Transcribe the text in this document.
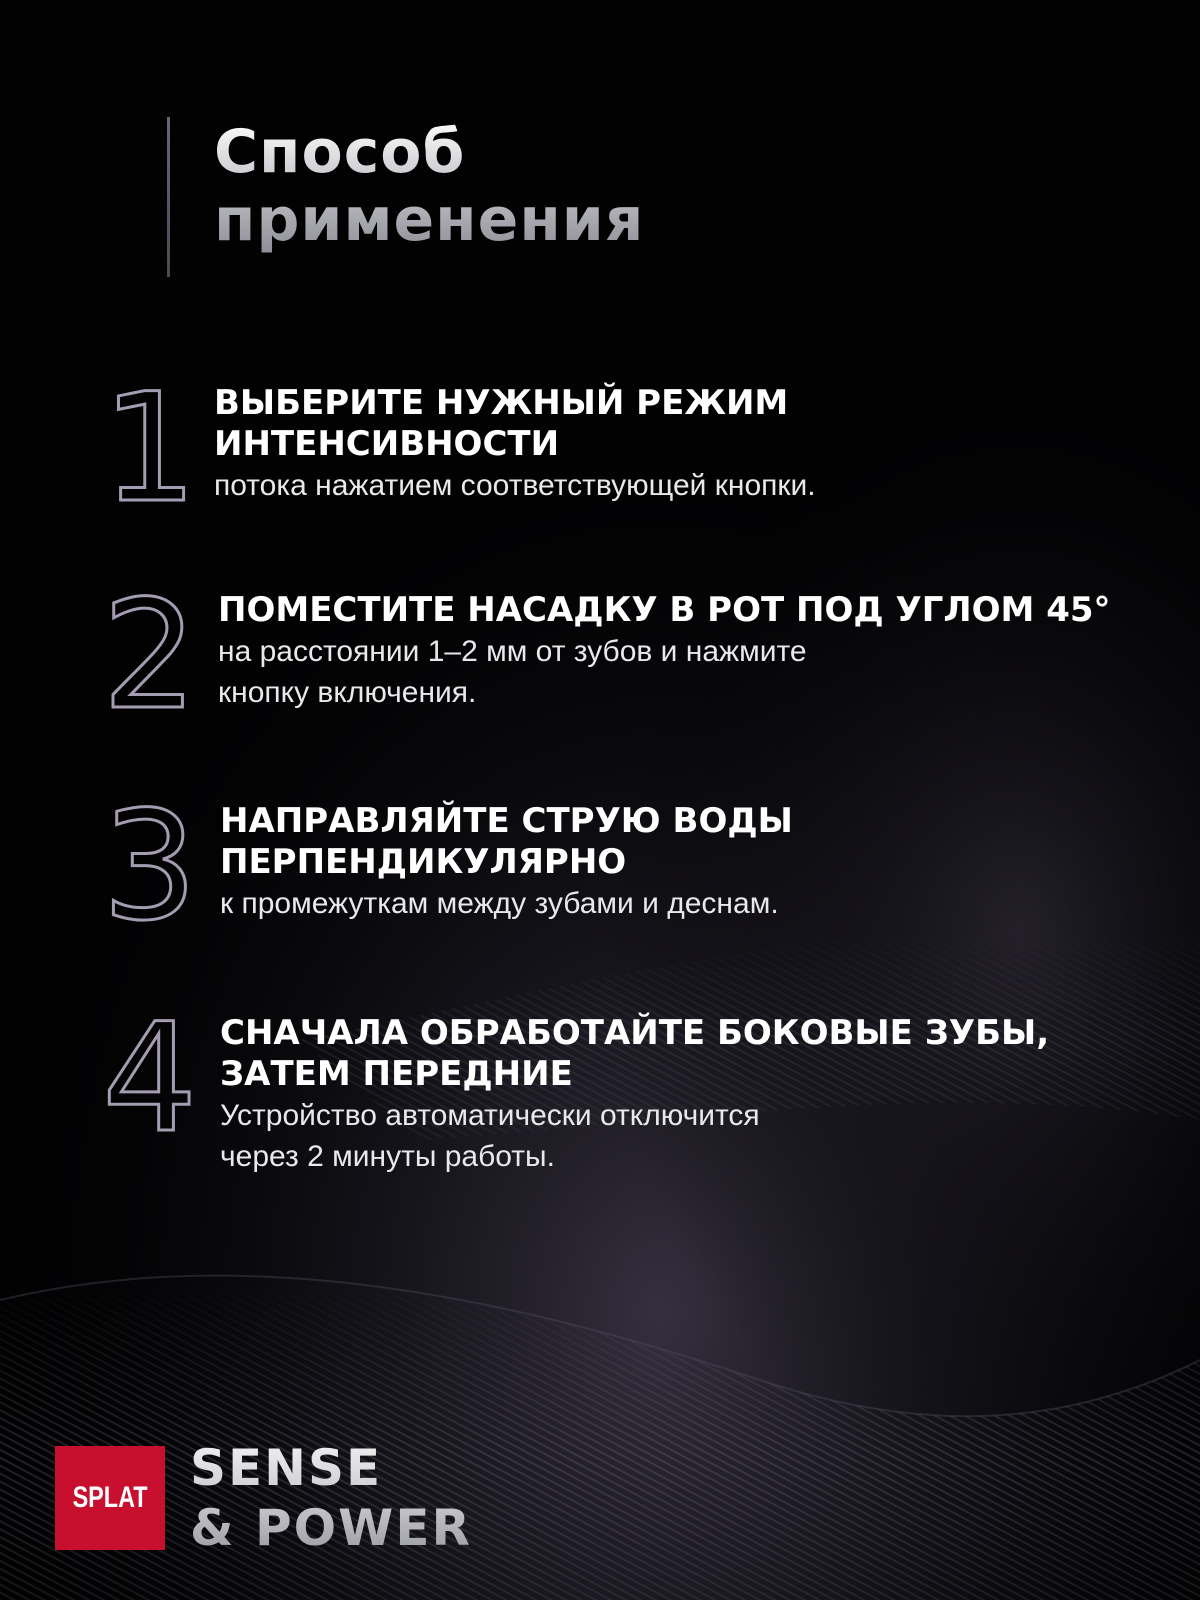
Способ
применения
1 ВЫБЕРИТЕ НУЖНЫЙ РЕЖИМ
ИНТЕНСИВНОСТИ

потока нажатием соответствующей кнопки.

2 ПОМЕСТИТЕ НАСАДКУ В РОТ ПОД УГЛОМ 45°

на расстоянии 1–2 мм от зубов и нажмите
кнопку включения.

3 НАПРАВЛЯЙТЕ СТРУЮ ВОДЫ
ПЕРПЕНДИКУЛЯРНО

к промежуткам между зубами и деснам.

4 СНАЧАЛА ОБРАБОТАЙТЕ БОКОВЫЕ ЗУБЫ,
ЗАТЕМ ПЕРЕДНИЕ

Устройство автоматически отключится
через 2 минуты работы.

SPLAT
SENSE
& POWER
